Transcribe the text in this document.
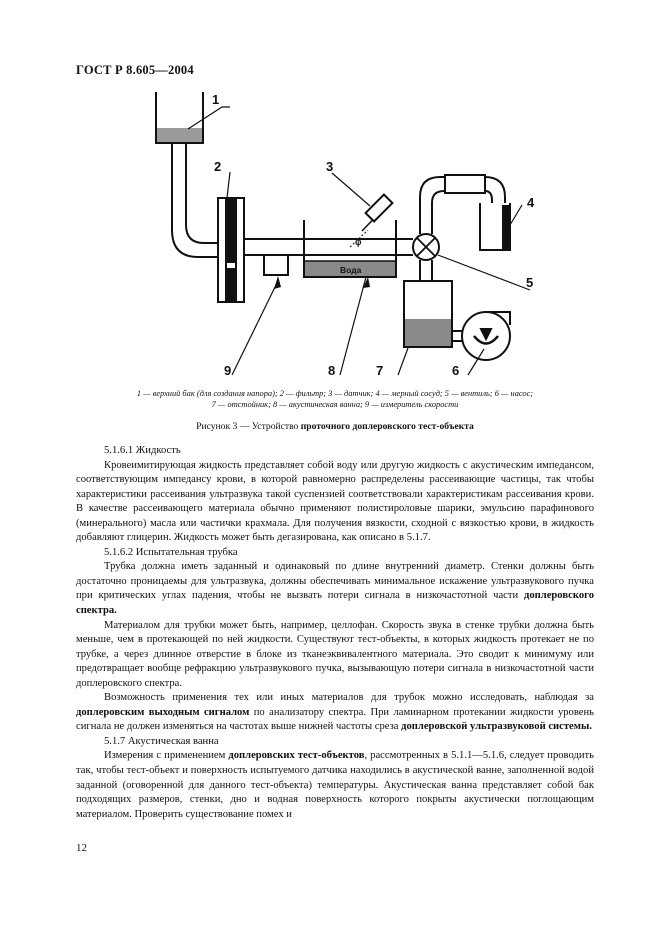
ГОСТ Р 8.605—2004
1
2	3
4
5
6
7
8
9
Вода
φ
1 — верхний бак (для создания напора); 2 — фильтр; 3 — датчик; 4 — мерный сосуд; 5 — вентиль; 6 — насос;
7 — отстойник; 8 — акустическая ванна; 9 — измеритель скорости
Рисунок 3 — Устройство проточного доплеровского тест-объекта

5.1.6.1 Жидкость

Кровеимитирующая жидкость представляет собой воду или другую жидкость с акустическим импедансом, соответствующим импедансу крови, в которой равномерно распределены рассеивающие частицы, так чтобы характеристики рассеивания ультразвука такой суспензией соответствовали характеристикам рассеивания крови. В качестве рассеивающего материала обычно применяют полистироловые шарики, эмульсию парафинового (минерального) масла или частички крахмала. Для получения вязкости, сходной с вязкостью крови, в жидкость добавляют глицерин. Жидкость может быть дегазирована, как описано в 5.1.7.

5.1.6.2 Испытательная трубка

Трубка должна иметь заданный и одинаковый по длине внутренний диаметр. Стенки должны быть достаточно проницаемы для ультразвука, должны обеспечивать минимальное искажение ультразвукового пучка при критических углах падения, чтобы не вызвать потери сигнала в низкочастотной части доплеровского спектра.

Материалом для трубки может быть, например, целлофан. Скорость звука в стенке трубки должна быть меньше, чем в протекающей по ней жидкости. Существуют тест-объекты, в которых жидкость протекает не по трубке, а через длинное отверстие в блоке из тканеэквивалентного материала. Это сводит к минимуму или предотвращает вообще рефракцию ультразвукового пучка, вызывающую потери сигнала в низкочастотной части доплеровского спектра.

Возможность применения тех или иных материалов для трубок можно исследовать, наблюдая за доплеровским выходным сигналом по анализатору спектра. При ламинарном протекании жидкости уровень сигнала не должен изменяться на частотах выше нижней частоты среза доплеровской ультразвуковой системы.

5.1.7 Акустическая ванна

Измерения с применением доплеровских тест-объектов, рассмотренных в 5.1.1—5.1.6, следует проводить так, чтобы тест-объект и поверхность испытуемого датчика находились в акустической ванне, заполненной водой заданной (оговоренной для данного тест-объекта) температуры. Акустическая ванна представляет собой бак подходящих размеров, стенки, дно и водная поверхность которого покрыты акустически поглощающим материалом. Проверить существование помех и

12
